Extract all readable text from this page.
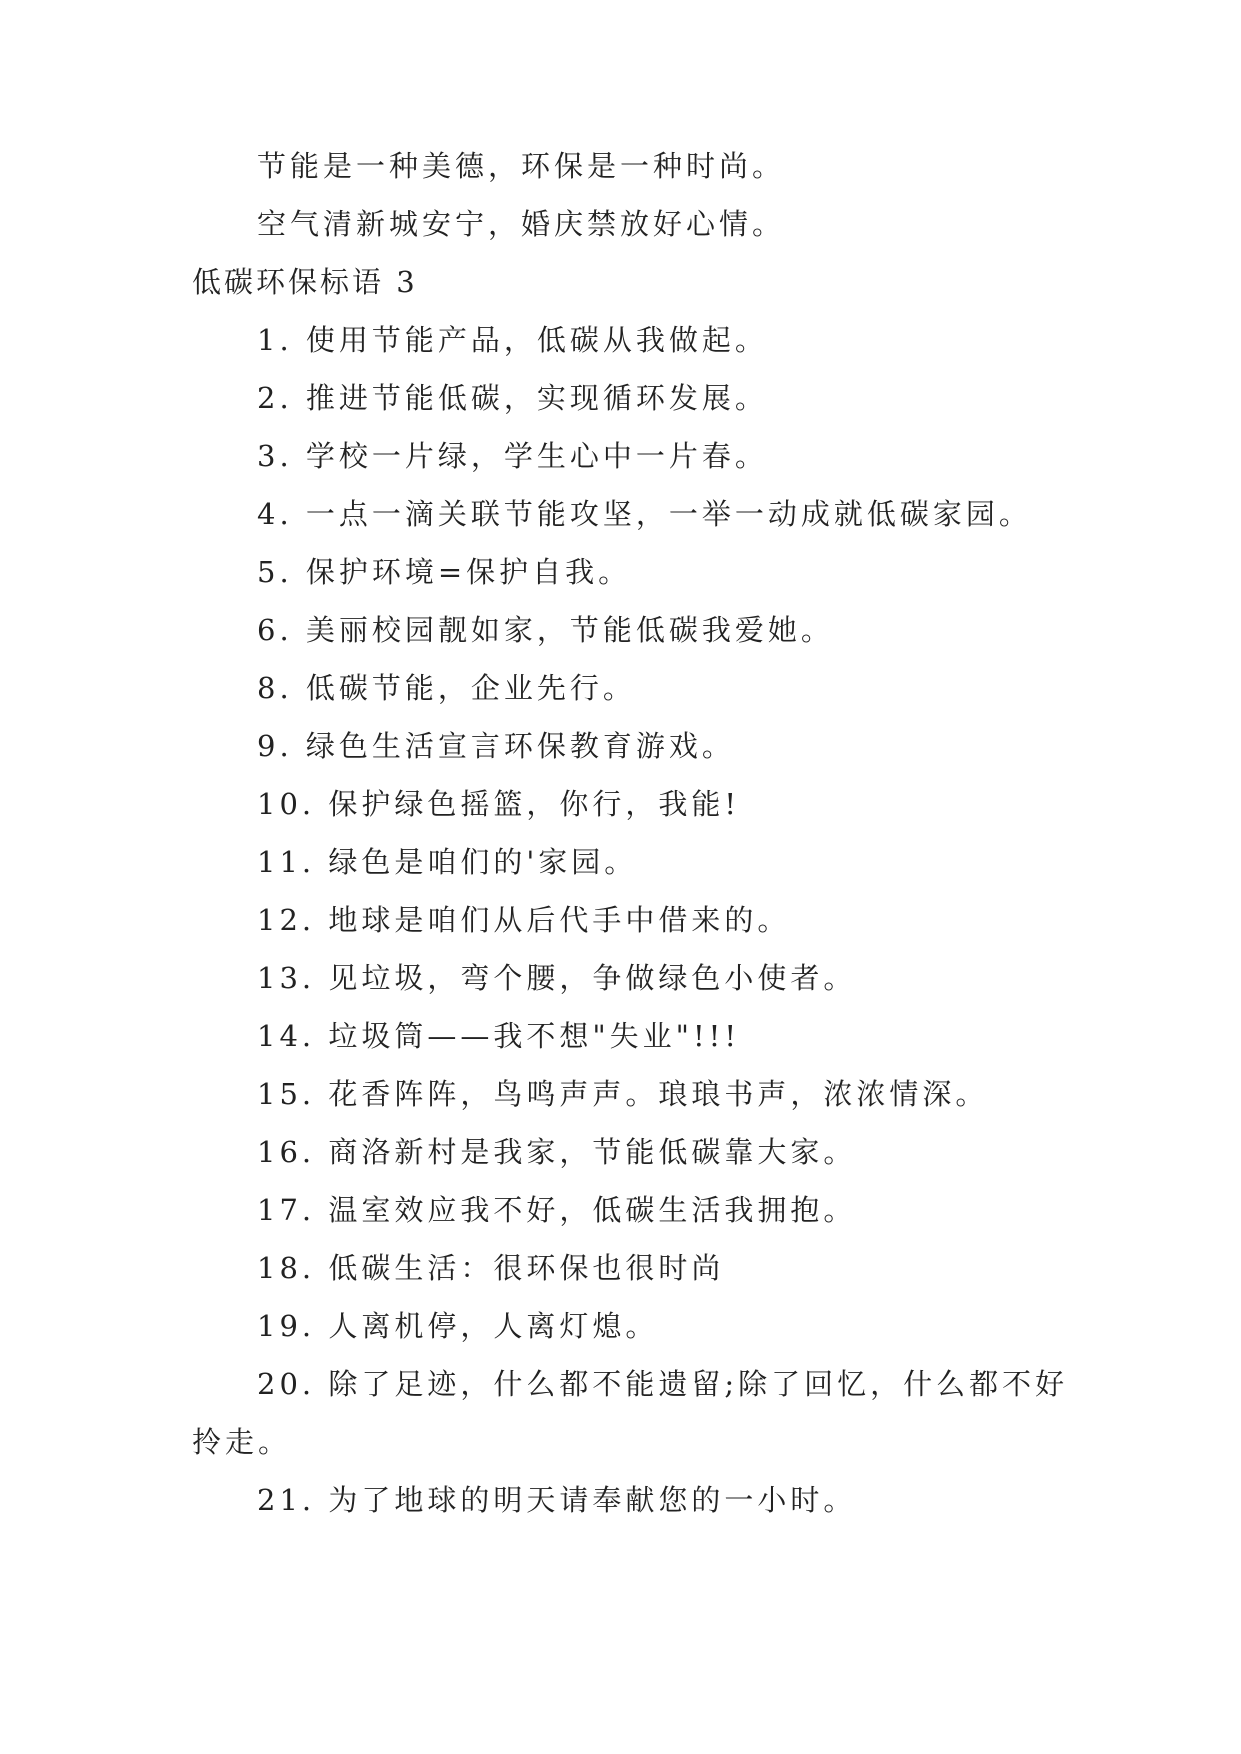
节能是一种美德，环保是一种时尚。
空气清新城安宁，婚庆禁放好心情。
低碳环保标语 3
1. 使用节能产品，低碳从我做起。
2. 推进节能低碳，实现循环发展。
3. 学校一片绿，学生心中一片春。
4. 一点一滴关联节能攻坚，一举一动成就低碳家园。
5. 保护环境=保护自我。
6. 美丽校园靓如家，节能低碳我爱她。
8. 低碳节能，企业先行。
9. 绿色生活宣言环保教育游戏。
10. 保护绿色摇篮，你行，我能!
11. 绿色是咱们的'家园。
12. 地球是咱们从后代手中借来的。
13. 见垃圾，弯个腰，争做绿色小使者。
14. 垃圾筒——我不想"失业"!!!
15. 花香阵阵，鸟鸣声声。琅琅书声，浓浓情深。
16. 商洛新村是我家，节能低碳靠大家。
17. 温室效应我不好，低碳生活我拥抱。
18. 低碳生活：很环保也很时尚
19. 人离机停，人离灯熄。
20. 除了足迹，什么都不能遗留;除了回忆，什么都不好
拎走。
21. 为了地球的明天请奉献您的一小时。
